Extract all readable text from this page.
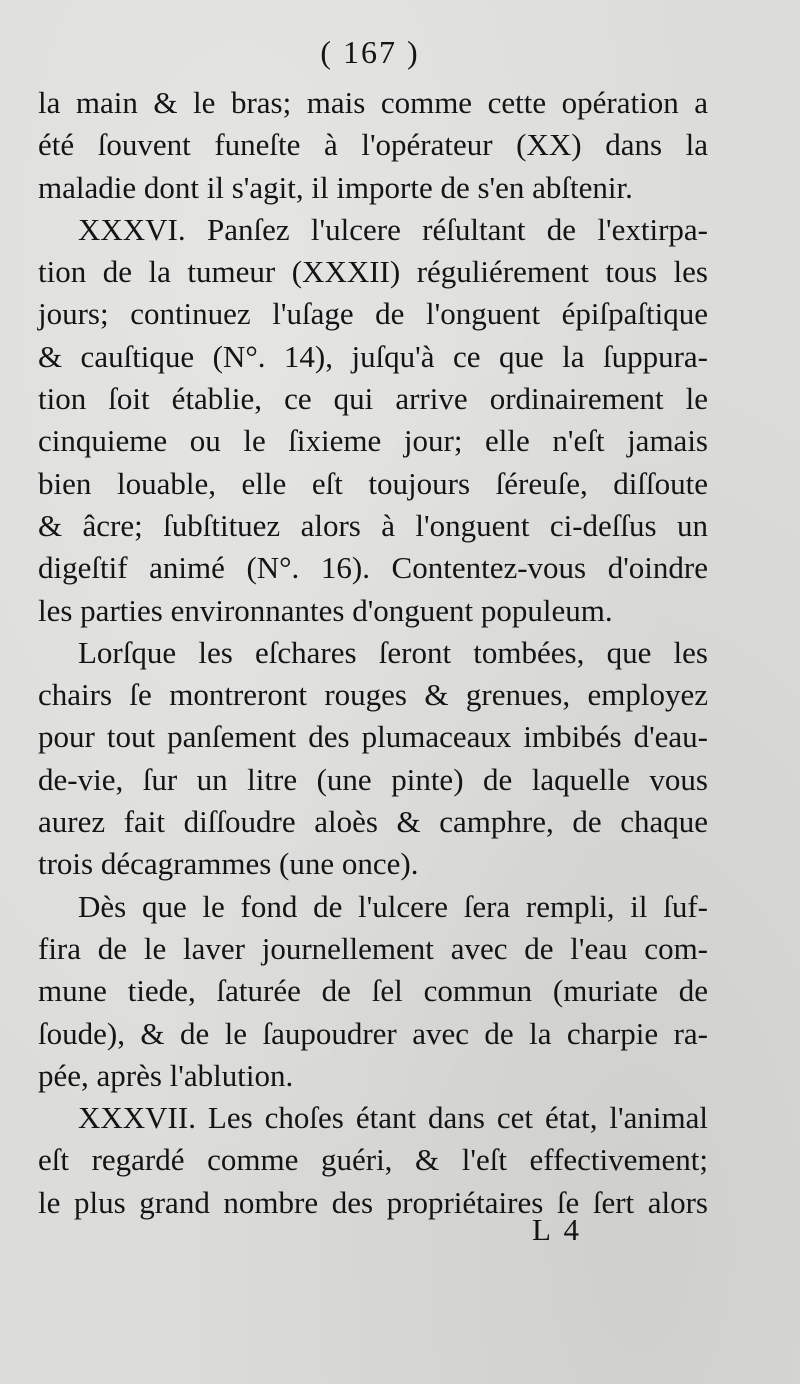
( 167 )
la main & le bras; mais comme cette opération a
été ſouvent funeſte à l'opérateur (XX) dans la
maladie dont il s'agit, il importe de s'en abſtenir.
XXXVI. Panſez l'ulcere réſultant de l'extirpa-
tion de la tumeur (XXXII) réguliérement tous les
jours; continuez l'uſage de l'onguent épiſpaſtique
& cauſtique (N°. 14), juſqu'à ce que la ſuppura-
tion ſoit établie, ce qui arrive ordinairement le
cinquieme ou le ſixieme jour; elle n'eſt jamais
bien louable, elle eſt toujours ſéreuſe, diſſoute
& âcre; ſubſtituez alors à l'onguent ci-deſſus un
digeſtif animé (N°. 16). Contentez-vous d'oindre
les parties environnantes d'onguent populeum.
Lorſque les eſchares ſeront tombées, que les
chairs ſe montreront rouges & grenues, employez
pour tout panſement des plumaceaux imbibés d'eau-
de-vie, ſur un litre (une pinte) de laquelle vous
aurez fait diſſoudre aloès & camphre, de chaque
trois décagrammes (une once).
Dès que le fond de l'ulcere ſera rempli, il ſuf-
fira de le laver journellement avec de l'eau com-
mune tiede, ſaturée de ſel commun (muriate de
ſoude), & de le ſaupoudrer avec de la charpie ra-
pée, après l'ablution.
XXXVII. Les choſes étant dans cet état, l'animal
eſt regardé comme guéri, & l'eſt effectivement;
le plus grand nombre des propriétaires ſe ſert alors
L 4
